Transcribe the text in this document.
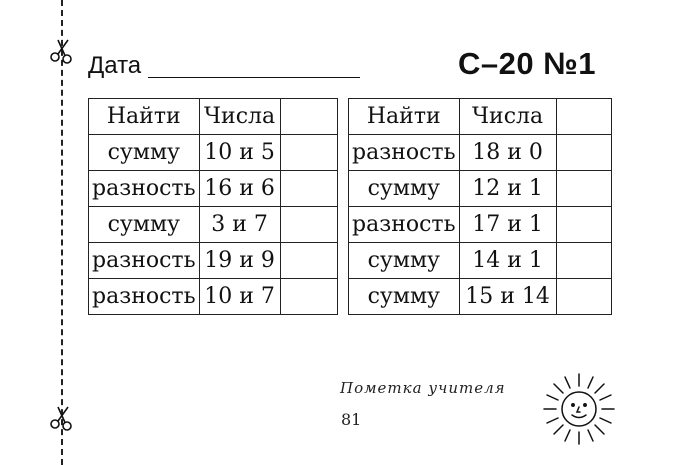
Дата	С–20 №1
Найти	Числа	
сумму	10 и 5	
разность	16 и 6	
сумму	3 и 7	
разность	19 и 9	
разность	10 и 7	
Найти	Числа	
разность	18 и 0	
сумму	12 и 1	
разность	17 и 1	
сумму	14 и 1	
сумму	15 и 14	
Пометка учителя
81
